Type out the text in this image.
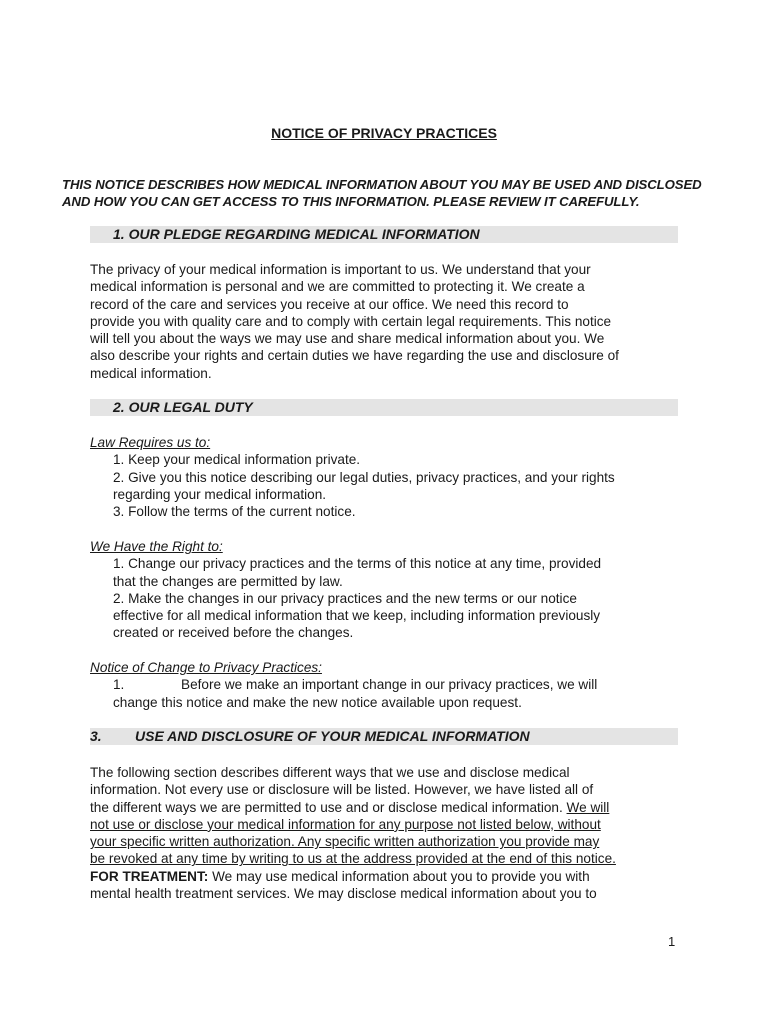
NOTICE OF PRIVACY PRACTICES
THIS NOTICE DESCRIBES HOW MEDICAL INFORMATION ABOUT YOU MAY BE USED AND DISCLOSED
AND HOW YOU CAN GET ACCESS TO THIS INFORMATION. PLEASE REVIEW IT CAREFULLY.
1. OUR PLEDGE REGARDING MEDICAL INFORMATION
The privacy of your medical information is important to us. We understand that your
medical information is personal and we are committed to protecting it. We create a
record of the care and services you receive at our office. We need this record to
provide you with quality care and to comply with certain legal requirements. This notice
will tell you about the ways we may use and share medical information about you. We
also describe your rights and certain duties we have regarding the use and disclosure of
medical information.
2. OUR LEGAL DUTY
Law Requires us to:
1. Keep your medical information private.
2. Give you this notice describing our legal duties, privacy practices, and your rights
regarding your medical information.
3. Follow the terms of the current notice.
We Have the Right to:
1. Change our privacy practices and the terms of this notice at any time, provided
that the changes are permitted by law.
2. Make the changes in our privacy practices and the new terms or our notice
effective for all medical information that we keep, including information previously
created or received before the changes.
Notice of Change to Privacy Practices:
1.	Before we make an important change in our privacy practices, we will
change this notice and make the new notice available upon request.
3. USE AND DISCLOSURE OF YOUR MEDICAL INFORMATION
The following section describes different ways that we use and disclose medical
information. Not every use or disclosure will be listed. However, we have listed all of
the different ways we are permitted to use and or disclose medical information. We will
not use or disclose your medical information for any purpose not listed below, without
your specific written authorization. Any specific written authorization you provide may
be revoked at any time by writing to us at the address provided at the end of this notice.
FOR TREATMENT: We may use medical information about you to provide you with
mental health treatment services. We may disclose medical information about you to
1
